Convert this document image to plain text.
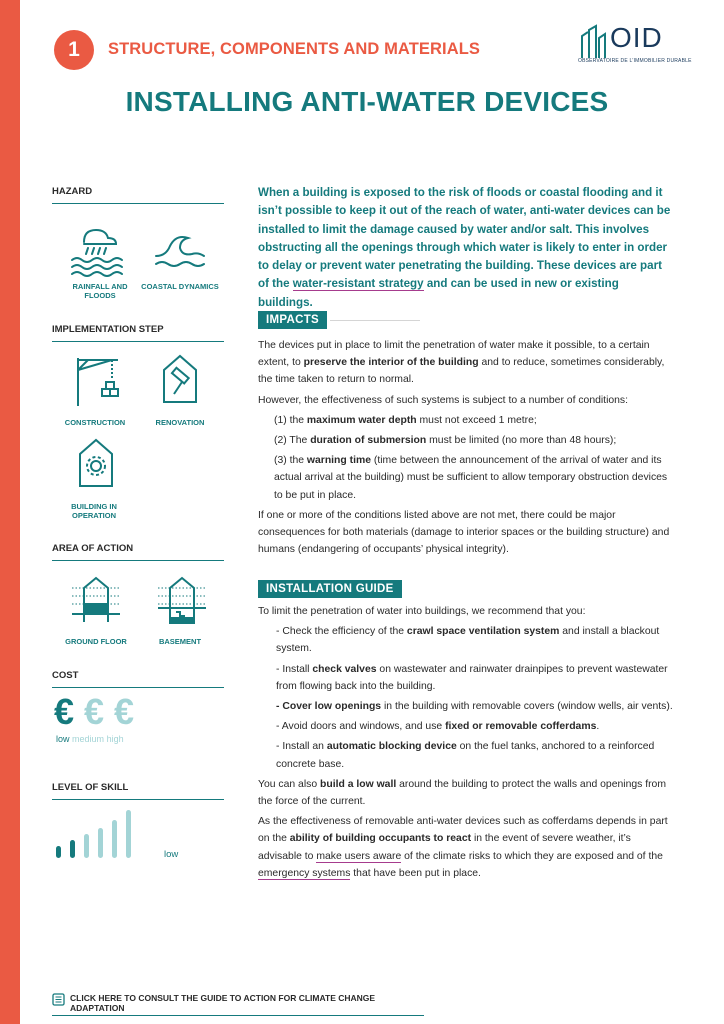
1	STRUCTURE, COMPONENTS AND MATERIALS	OID
OBSERVATOIRE DE L'IMMOBILIER DURABLE
INSTALLING ANTI-WATER DEVICES
HAZARD
RAINFALL AND FLOODS
COASTAL DYNAMICS
IMPLEMENTATION STEP
CONSTRUCTION	RENOVATION
BUILDING IN OPERATION
AREA OF ACTION
GROUND FLOOR	BASEMENT
COST
€ € €
low medium high
LEVEL OF SKILL
low
When a building is exposed to the risk of floods or coastal flooding and it isn’t possible to keep it out of the reach of water, anti-water devices can be installed to limit the damage caused by water and/or salt. This involves obstructing all the openings through which water is likely to enter in order to delay or prevent water penetrating the building. These devices are part of the water-resistant strategy and can be used in new or existing buildings.
IMPACTS

The devices put in place to limit the penetration of water make it possible, to a certain extent, to preserve the interior of the building and to reduce, sometimes considerably, the time taken to return to normal.

However, the effectiveness of such systems is subject to a number of conditions:

(1) the maximum water depth must not exceed 1 metre;

(2) The duration of submersion must be limited (no more than 48 hours);

(3) the warning time (time between the announcement of the arrival of water and its actual arrival at the building) must be sufficient to allow temporary obstruction devices to be put in place.

If one or more of the conditions listed above are not met, there could be major consequences for both materials (damage to interior spaces or the building structure) and humans (endangering of occupants’ physical integrity).

INSTALLATION GUIDE

To limit the penetration of water into buildings, we recommend that you:

- Check the efficiency of the crawl space ventilation system and install a blackout system.

- Install check valves on wastewater and rainwater drainpipes to prevent wastewater from flowing back into the building.

- Cover low openings in the building with removable covers (window wells, air vents).

- Avoid doors and windows, and use fixed or removable cofferdams.

- Install an automatic blocking device on the fuel tanks, anchored to a reinforced concrete base.

You can also build a low wall around the building to protect the walls and openings from the force of the current.

As the effectiveness of removable anti-water devices such as cofferdams depends in part on the ability of building occupants to react in the event of severe weather, it’s advisable to make users aware of the climate risks to which they are exposed and of the emergency systems that have been put in place.

CLICK HERE TO CONSULT THE GUIDE TO ACTION FOR CLIMATE CHANGE ADAPTATION
